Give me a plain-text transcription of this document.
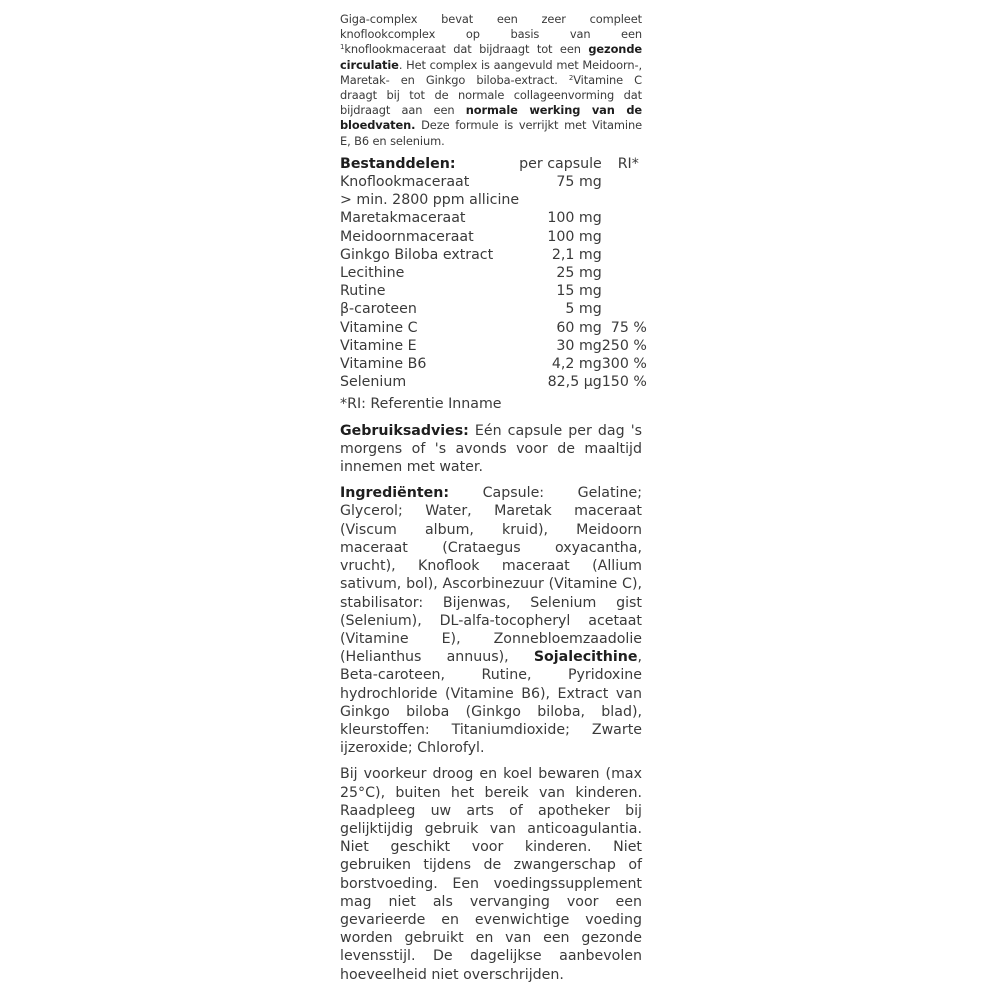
Giga-complex bevat een zeer compleet knoflookcomplex op basis van een $^1$knoflookmaceraat dat bijdraagt tot een gezonde circulatie. Het complex is aangevuld met Meidoorn-, Maretak- en Ginkgo biloba-extract. $^2$Vitamine C draagt bij tot de normale collageenvorming dat bijdraagt aan een normale werking van de bloedvaten. Deze formule is verrijkt met Vitamine E, B6 en selenium.

Bestanddelen:	per capsule	RI*
Knoflookmaceraat	75 mg	
> min. 2800 ppm allicine		
Maretakmaceraat	100 mg	
Meidoornmaceraat	100 mg	
Ginkgo Biloba extract	2,1 mg	
Lecithine	25 mg	
Rutine	15 mg	
β-caroteen	5 mg	
Vitamine C	60 mg	75 %
Vitamine E	30 mg	250 %
Vitamine B6	4,2 mg	300 %
Selenium	82,5 µg	150 %
*RI: Referentie Inname

Gebruiksadvies: Eén capsule per dag 's morgens of 's avonds voor de maaltijd innemen met water.

Ingrediënten: Capsule: Gelatine; Glycerol; Water, Maretak maceraat (Viscum album, kruid), Meidoorn maceraat (Crataegus oxyacantha, vrucht), Knoflook maceraat (Allium sativum, bol), Ascorbinezuur (Vitamine C), stabilisator: Bijenwas, Selenium gist (Selenium), DL-alfa-tocopheryl acetaat (Vitamine E), Zonnebloemzaadolie (Helianthus annuus), Sojalecithine, Beta-caroteen, Rutine, Pyridoxine hydrochloride (Vitamine B6), Extract van Ginkgo biloba (Ginkgo biloba, blad), kleurstoffen: Titaniumdioxide; Zwarte ijzeroxide; Chlorofyl.

Bij voorkeur droog en koel bewaren (max 25°C), buiten het bereik van kinderen. Raadpleeg uw arts of apotheker bij gelijktijdig gebruik van anticoagulantia. Niet geschikt voor kinderen. Niet gebruiken tijdens de zwangerschap of borstvoeding. Een voedingssupplement mag niet als vervanging voor een gevarieerde en evenwichtige voeding worden gebruikt en van een gezonde levensstijl. De dagelijkse aanbevolen hoeveelheid niet overschrijden.
